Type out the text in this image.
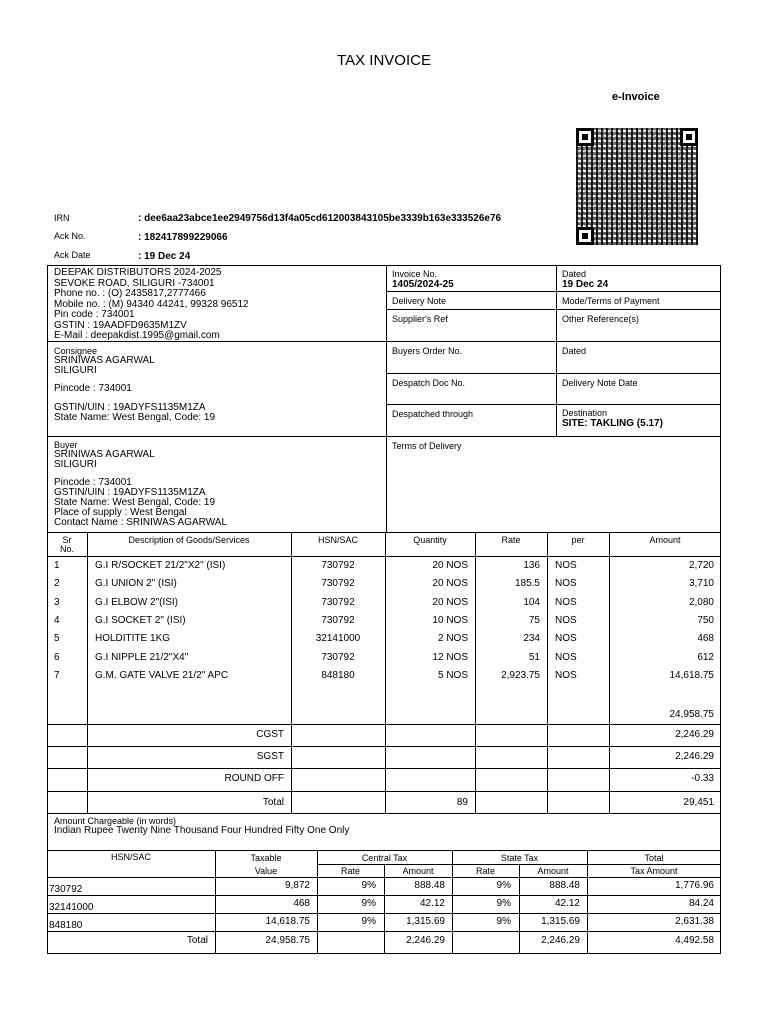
TAX INVOICE
e-Invoice
IRN	: dee6aa23abce1ee2949756d13f4a05cd612003843105be3339b163e333526e76
Ack No.	: 182417899229066
Ack Date	: 19 Dec 24
DEEPAK DISTRIBUTORS 2024-2025
SEVOKE ROAD, SILIGURI -734001
Phone no. : (O) 2435817,2777466
Mobile no. : (M) 94340 44241, 99328 96512
Pin code : 734001
GSTIN : 19AADFD9635M1ZV
E-Mail : deepakdist.1995@gmail.com
Invoice No.
1405/2024-25
Dated
19 Dec 24
Delivery Note	Mode/Terms of Payment
Supplier's Ref	Other Reference(s)
Buyers Order No.	Dated
Despatch Doc No.	Delivery Note Date
Despatched through	Destination
SITE: TAKLING (5.17)
Terms of Delivery
Consignee
SRINIWAS AGARWAL
SILIGURI
Pincode : 734001
GSTIN/UIN : 19ADYFS1135M1ZA
State Name: West Bengal, Code: 19
Buyer
SRINIWAS AGARWAL
SILIGURI
Pincode : 734001
GSTIN/UIN : 19ADYFS1135M1ZA
State Name: West Bengal, Code: 19
Place of supply : West Bengal
Contact Name : SRINIWAS AGARWAL
Sr
No.
Description of Goods/Services	HSN/SAC	Quantity	Rate	per	Amount
1	G.I R/SOCKET 21/2"X2" (ISI)	730792	20 NOS	136 NOS	2,720
2	G.I UNION 2" (ISI)	730792	20 NOS	185.5 NOS	3,710
3	G.I ELBOW 2"(ISI)	730792	20 NOS	104 NOS	2,080
4	G.I SOCKET 2" (ISI)	730792	10 NOS	75 NOS	750
5	HOLDITITE 1KG	32141000	2 NOS	234 NOS	468
6	G.I NIPPLE 21/2"X4"	730792	12 NOS	51 NOS	612
7	G.M. GATE VALVE 21/2" APC	848180	5 NOS	2,923.75 NOS	14,618.75
24,958.75
CGST	2,246.29
SGST	2,246.29
ROUND OFF	-0.33
Total	89	29,451
Amount Chargeable (in words)
Indian Rupee Twenty Nine Thousand Four Hundred Fifty One Only
HSN/SAC	Taxable
Value
Central Tax	State Tax	Total
Tax Amount
Rate	Amount	Rate	Amount
730792	9,872	9%	888.48	9%	888.48	1,776.96
32141000	468	9%	42.12	9%	42.12	84.24
848180	14,618.75	9%	1,315.69	9%	1,315.69	2,631.38
Total	24,958.75	2,246.29	2,246.29	4,492.58
